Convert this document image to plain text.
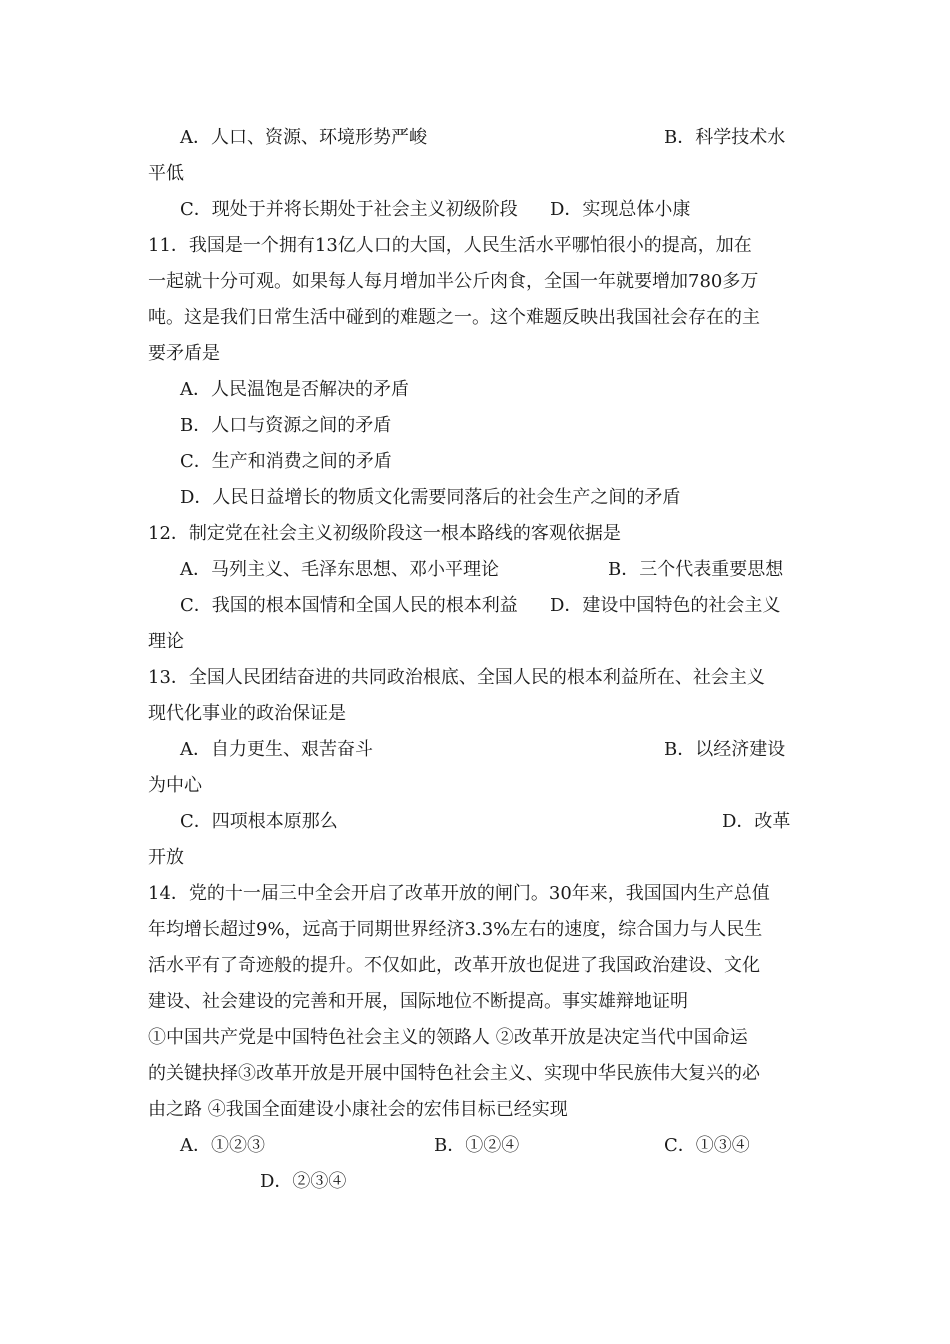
A．人口、资源、环境形势严峻	B．科学技术水
平低
C．现处于并将长期处于社会主义初级阶段 D．实现总体小康
11．我国是一个拥有13亿人口的大国，人民生活水平哪怕很小的提高，加在
一起就十分可观。如果每人每月增加半公斤肉食，全国一年就要增加780多万
吨。这是我们日常生活中碰到的难题之一。这个难题反映出我国社会存在的主
要矛盾是
A．人民温饱是否解决的矛盾
B．人口与资源之间的矛盾
C．生产和消费之间的矛盾
D．人民日益增长的物质文化需要同落后的社会生产之间的矛盾
12．制定党在社会主义初级阶段这一根本路线的客观依据是
A．马列主义、毛泽东思想、邓小平理论	B．三个代表重要思想
C．我国的根本国情和全国人民的根本利益 D．建设中国特色的社会主义
理论
13．全国人民团结奋进的共同政治根底、全国人民的根本利益所在、社会主义
现代化事业的政治保证是
A．自力更生、艰苦奋斗	B．以经济建设
为中心
C．四项根本原那么	D．改革
开放
14．党的十一届三中全会开启了改革开放的闸门。30年来，我国国内生产总值
年均增长超过9%，远高于同期世界经济3.3%左右的速度，综合国力与人民生
活水平有了奇迹般的提升。不仅如此，改革开放也促进了我国政治建设、文化
建设、社会建设的完善和开展，国际地位不断提高。事实雄辩地证明
①中国共产党是中国特色社会主义的领路人 ②改革开放是决定当代中国命运
的关键抉择③改革开放是开展中国特色社会主义、实现中华民族伟大复兴的必
由之路 ④我国全面建设小康社会的宏伟目标已经实现
A．①②③	B．①②④	C．①③④
D．②③④
